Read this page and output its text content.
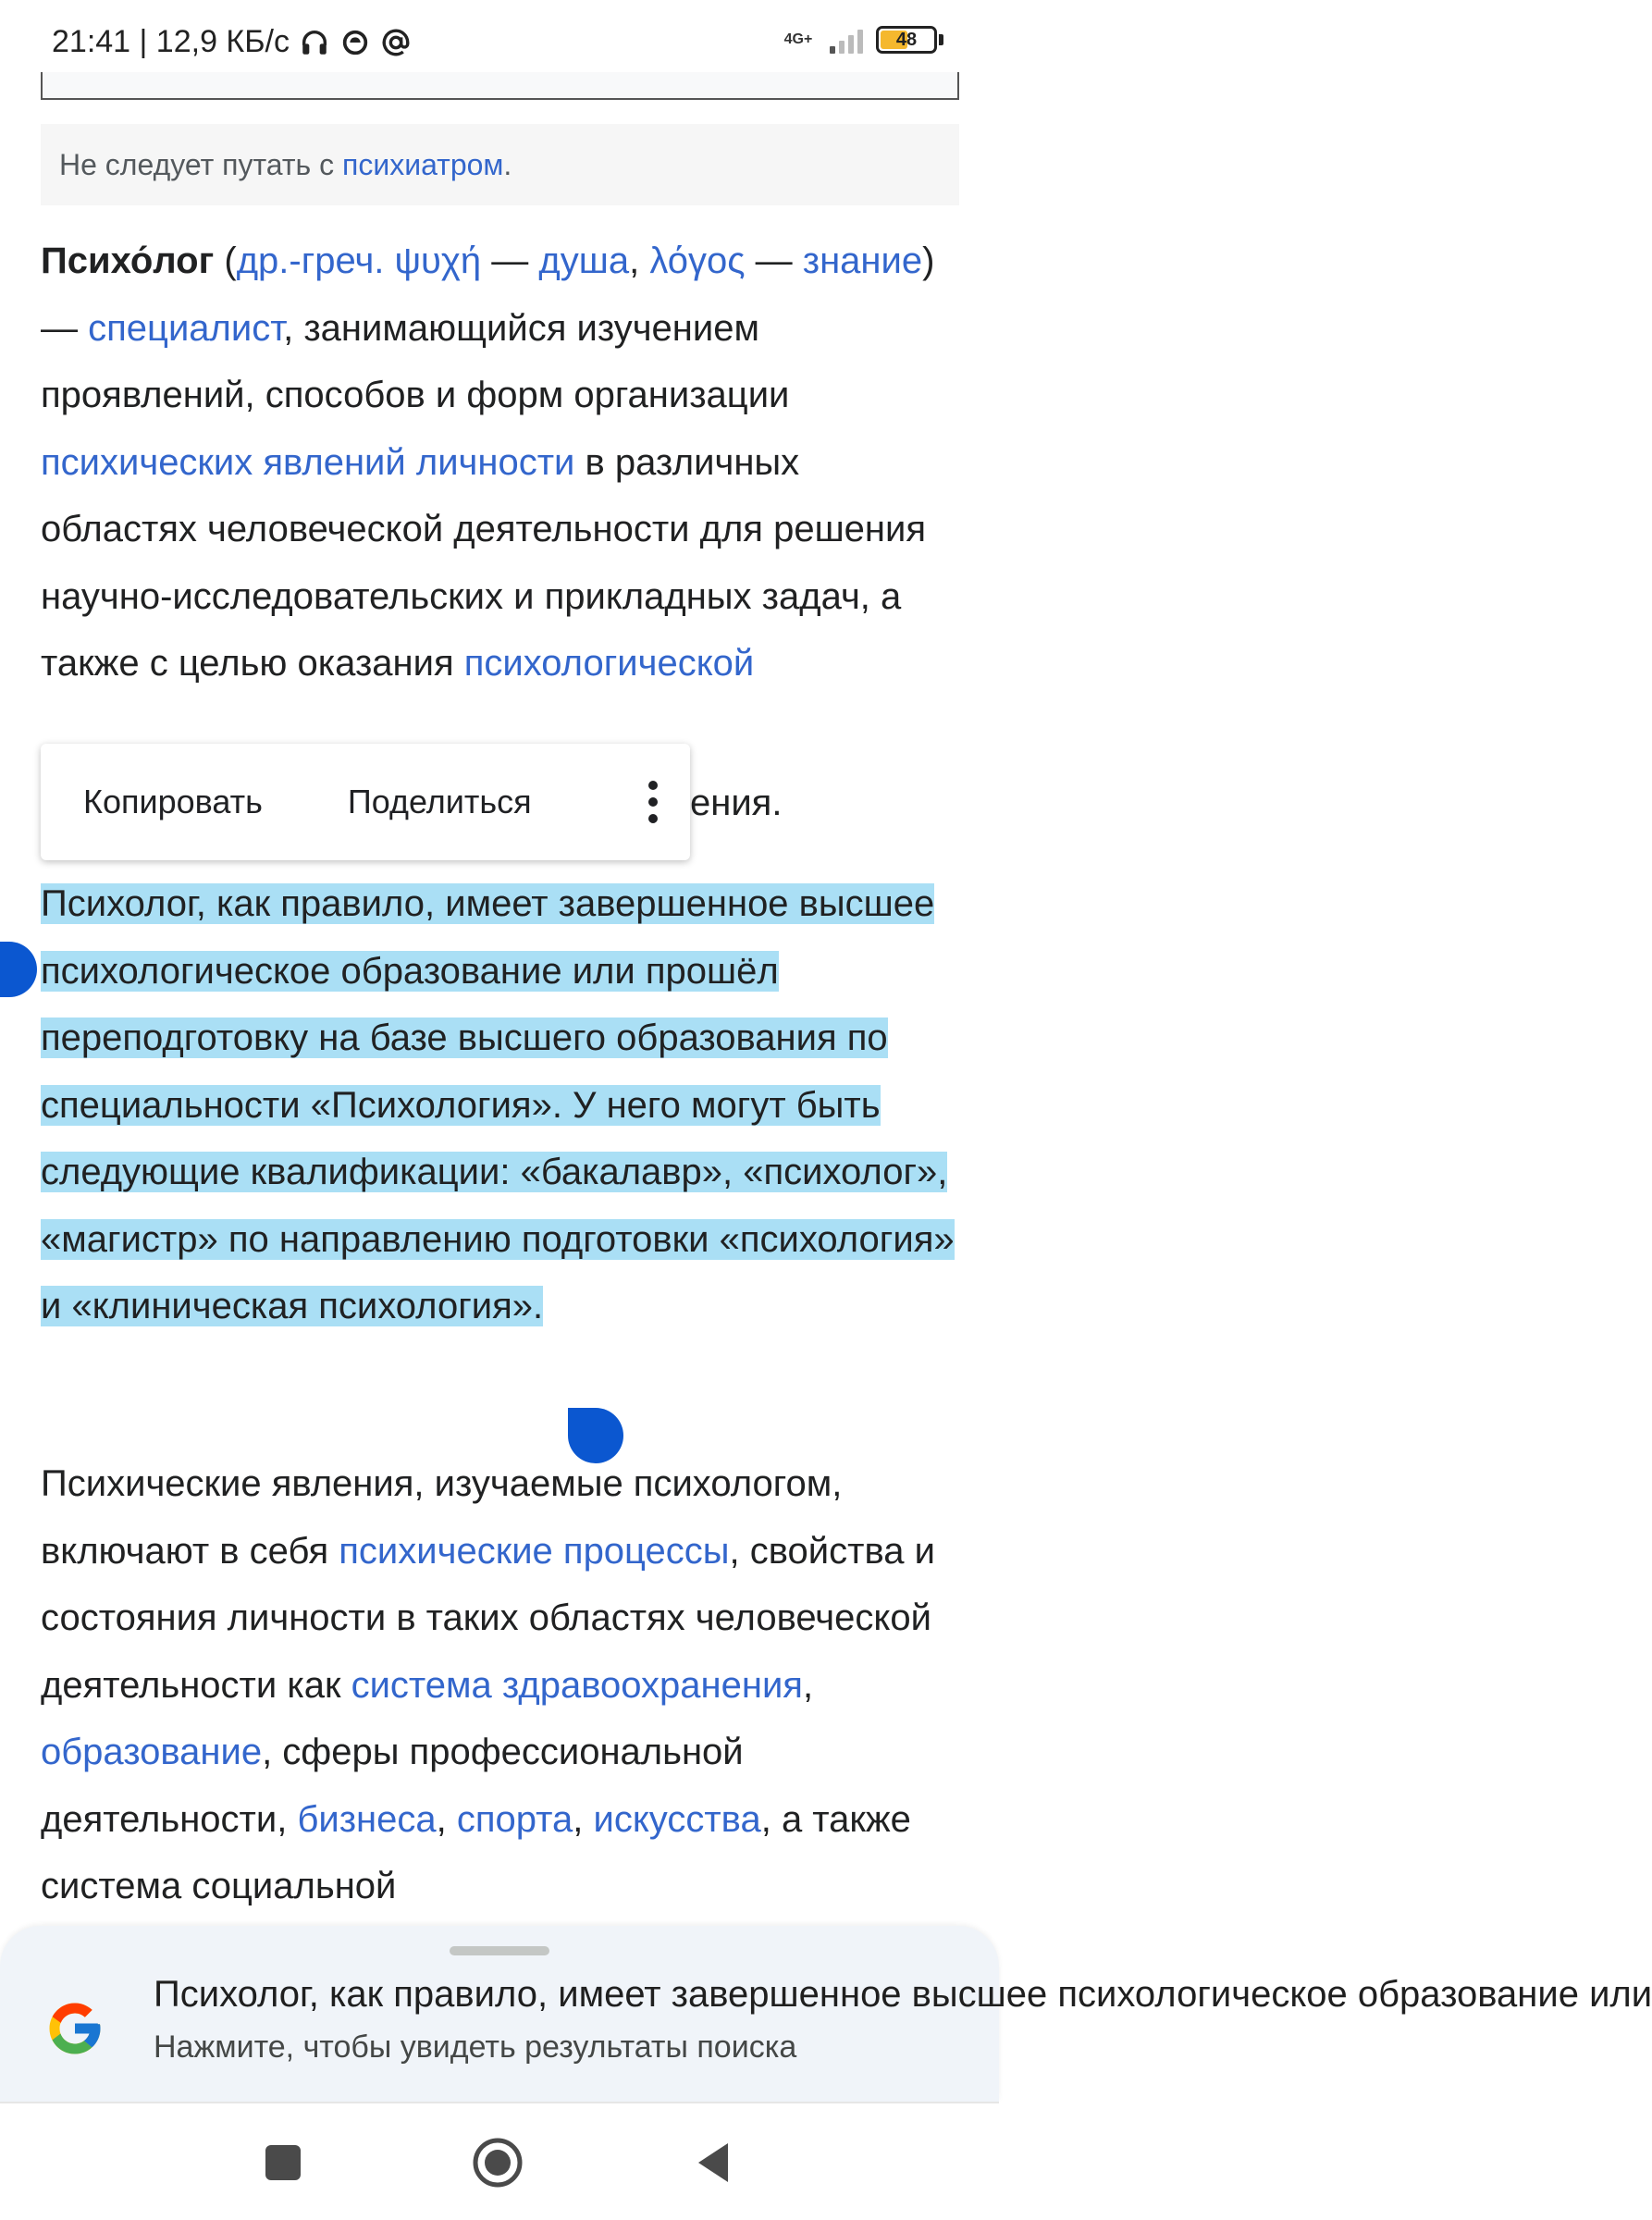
21:41 | 12,9 КБ/с	4G+	48
Не следует путать с психиатром .
Психо́лог (др.-греч. ψυχή — душа, λόγος — знание) — специалист, занимающийся изучением проявлений, способов и форм организации психических явлений личности в различных областях человеческой деятельности для решения научно-исследовательских и прикладных задач, а также с целью оказания психологической
Копировать	Поделиться	ения.
Психолог, как правило, имеет завершенное высшее психологическое образование или прошёл переподготовку на базе высшего образования по специальности «Психология». У него могут быть следующие квалификации: «бакалавр», «психолог», «магистр» по направлению подготовки «психология» и «клиническая психология».
Психические явления, изучаемые психологом, включают в себя психические процессы, свойства и состояния личности в таких областях человеческой деятельности как система здравоохранения, образование, сферы профессиональной деятельности, бизнеса, спорта, искусства, а также система социальной
Психолог, как правило, имеет завершенное высшее психологическое образование или
Нажмите, чтобы увидеть результаты поиска
